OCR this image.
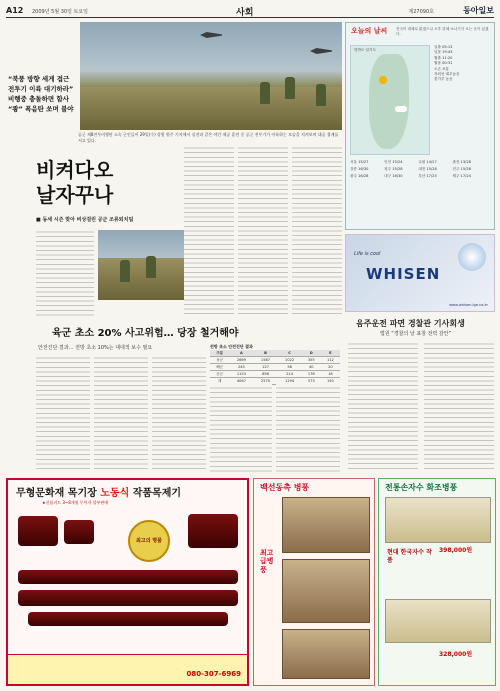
A12 2009년 5월 30일 토요일	사회	제27090호	동아일보
“북풍 방향 세게 접근
전투기 이륙 대기하라”
비행중 충돌하면 함사
“쾅” 폭음탄 쏘며 불야
공군 제8전투비행단 소속 군인들이 29일(수) 강원 원주 기지에서 실전과 같은 야간 제공 훈련 중 공군 전투기가 이륙하는 모습을 지켜보며 대공 경계를 서고 있다.
비켜다오
날자꾸나
■ 동세 시즌 맞아 비상걸린 공군 조류퇴치팀
오늘의 날씨 전국이 대체로 맑겠으나 오후 한때 소나기가 오는 곳이 있겠다.
한반도 일기도
일출 05:13
일몰 19:43
월출 11:20
월몰 00:31
오존 보통
자외선 매우높음
꽃가루 높음
서울 15/27	인천 15/24	수원 14/27	춘천 13/28 강릉 16/30	청주 15/28	대전 15/28	전주 15/28 광주 16/28	대구 16/30	부산 17/25	제주 17/24
Life is cool
WHISEN
www.whisen.lge.co.kr
음주운전 파면 경찰관 기사회생
법원 “경찰의 날 표창 전력 감안”
육군 초소 20% 사고위험… 당장 철거해야
안전진단 결과… 전방 초소 10%는 대대적 보수 필요	전방 초소 안전진단 결과
구분	A	B	C	D	E
육군	2669	1587	1022	355	112
해군	245	127	58	40	20
공군	1153	856	214	178	18
계	4067	2570	1294	573	150
무형문화재 목기장 노동식 작품목제기
★신품키드 3~8개월 무이자 할부판매
최고의 명품
080-307-6969
백선동촉 병풍
최고급병풍
전통손자수 화조병풍
398,000원
현대 한국자수 작품
328,000원
